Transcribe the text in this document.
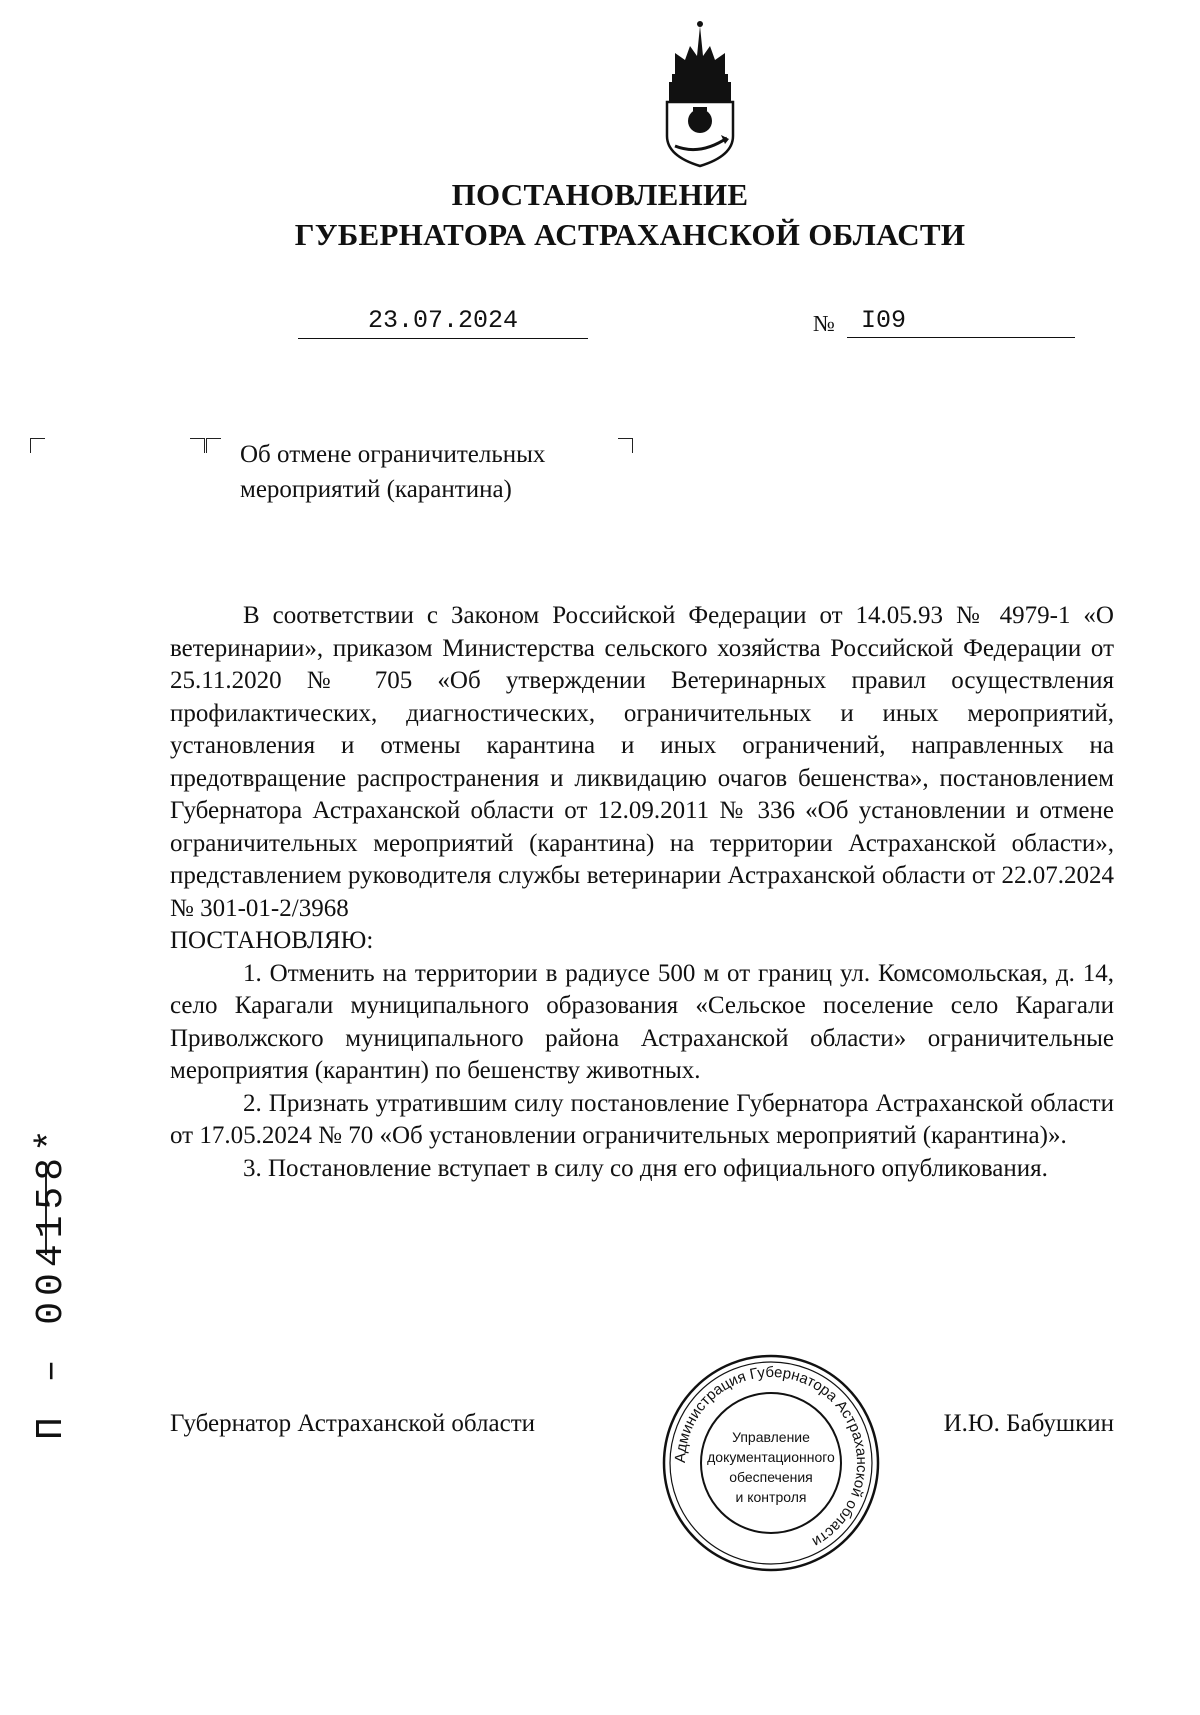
ПОСТАНОВЛЕНИЕ
ГУБЕРНАТОРА АСТРАХАНСКОЙ ОБЛАСТИ
23.07.2024	№	I09
Об отмене ограничительных
мероприятий (карантина)

В соответствии с Законом Российской Федерации от 14.05.93 № 4979-1 «О ветеринарии», приказом Министерства сельского хозяйства Российской Федерации от 25.11.2020 № 705 «Об утверждении Ветеринарных правил осуществления профилактических, диагностических, ограничительных и иных мероприятий, установления и отмены карантина и иных ограничений, направленных на предотвращение распространения и ликвидацию очагов бешенства», постановлением Губернатора Астраханской области от 12.09.2011 № 336 «Об установлении и отмене ограничительных мероприятий (карантина) на территории Астраханской области», представлением руководителя службы ветеринарии Астраханской области от 22.07.2024 № 301-01-2/3968

ПОСТАНОВЛЯЮ:

1. Отменить на территории в радиусе 500 м от границ ул. Комсомольская, д. 14, село Карагали муниципального образования «Сельское поселение село Карагали Приволжского муниципального района Астраханской области» ограничительные мероприятия (карантин) по бешенству животных.

2. Признать утратившим силу постановление Губернатора Астраханской области от 17.05.2024 № 70 «Об установлении ограничительных мероприятий (карантина)».

3. Постановление вступает в силу со дня его официального опубликования.

Администрация Губернатора Астраханской области
Управление
документационного
обеспечения
и контроля
Губернатор Астраханской области	И.Ю. Бабушкин
П – 004158*
